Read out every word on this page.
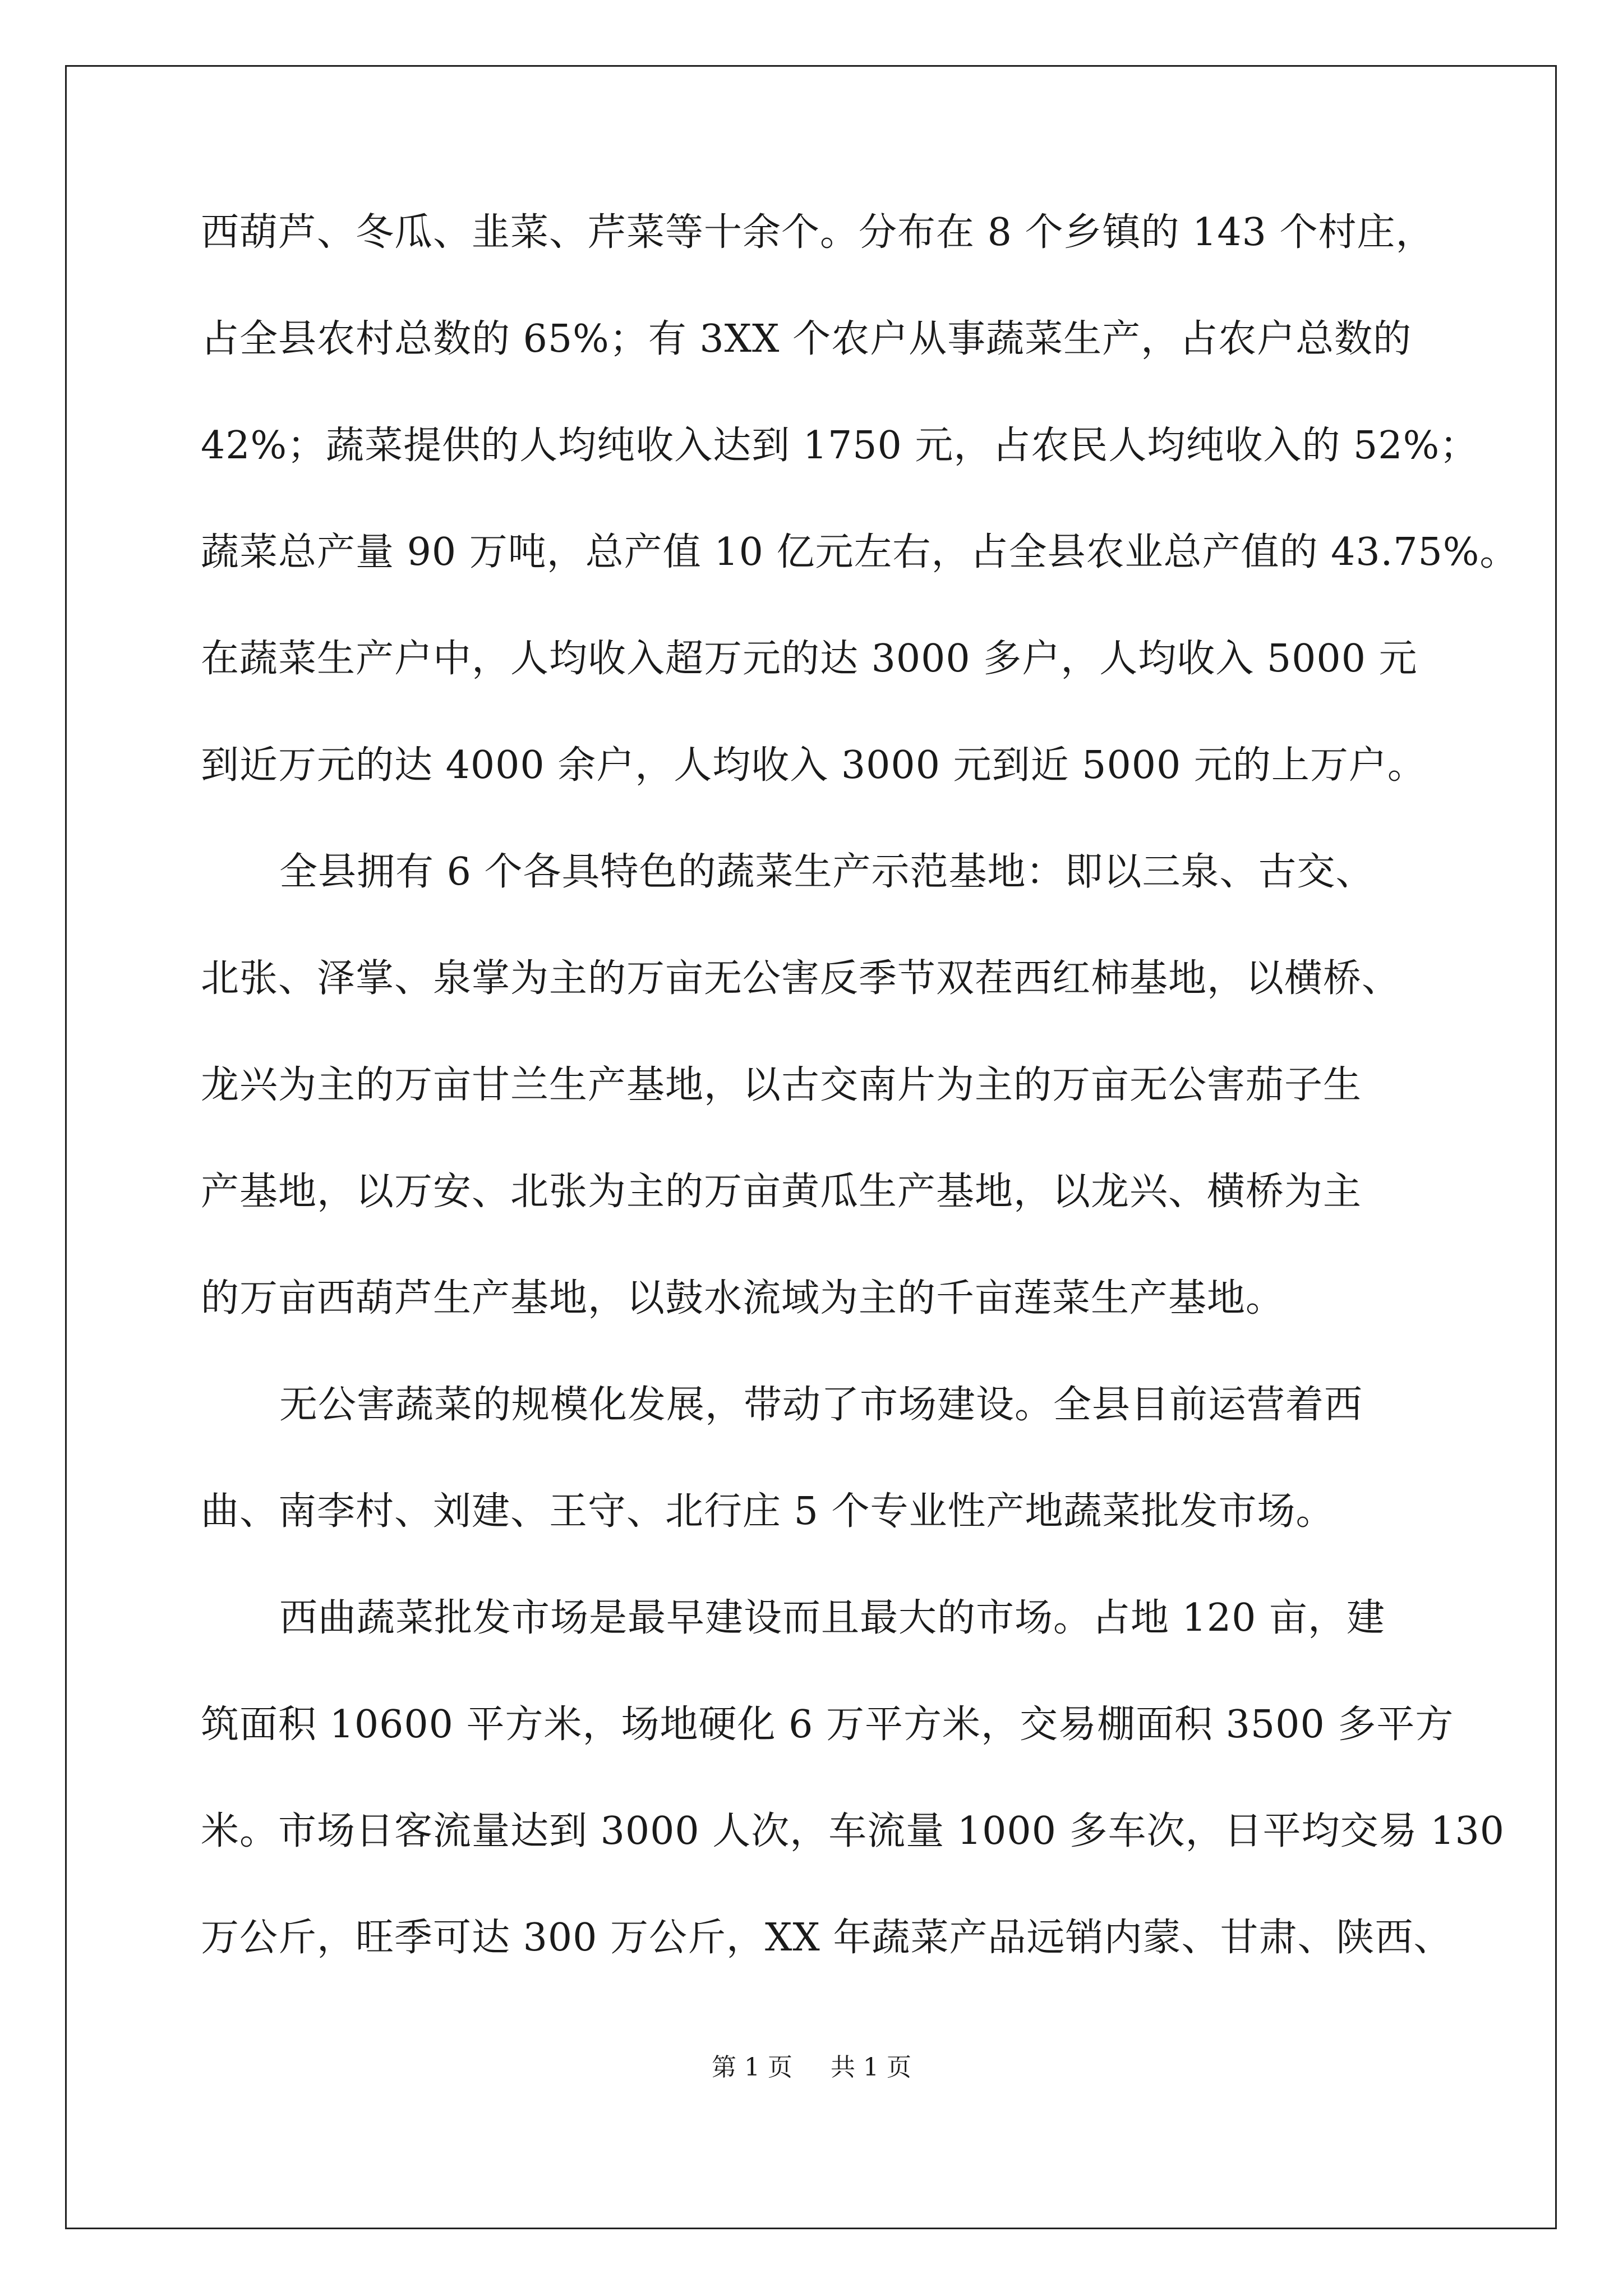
西葫芦、冬瓜、韭菜、芹菜等十余个。分布在 8 个乡镇的 143 个村庄，
占全县农村总数的 65%；有 3XX 个农户从事蔬菜生产，占农户总数的
42%；蔬菜提供的人均纯收入达到 1750 元，占农民人均纯收入的 52%；
蔬菜总产量 90 万吨，总产值 10 亿元左右，占全县农业总产值的 43.75%。
在蔬菜生产户中，人均收入超万元的达 3000 多户，人均收入 5000 元
到近万元的达 4000 余户，人均收入 3000 元到近 5000 元的上万户。
全县拥有 6 个各具特色的蔬菜生产示范基地：即以三泉、古交、
北张、泽掌、泉掌为主的万亩无公害反季节双茬西红柿基地，以横桥、
龙兴为主的万亩甘兰生产基地，以古交南片为主的万亩无公害茄子生
产基地，以万安、北张为主的万亩黄瓜生产基地，以龙兴、横桥为主
的万亩西葫芦生产基地，以鼓水流域为主的千亩莲菜生产基地。
无公害蔬菜的规模化发展，带动了市场建设。全县目前运营着西
曲、南李村、刘建、王守、北行庄 5 个专业性产地蔬菜批发市场。
西曲蔬菜批发市场是最早建设而且最大的市场。占地 120 亩，建
筑面积 10600 平方米，场地硬化 6 万平方米，交易棚面积 3500 多平方
米。市场日客流量达到 3000 人次，车流量 1000 多车次，日平均交易 130
万公斤，旺季可达 300 万公斤，XX 年蔬菜产品远销内蒙、甘肃、陕西、
第 1 页 共 1 页
